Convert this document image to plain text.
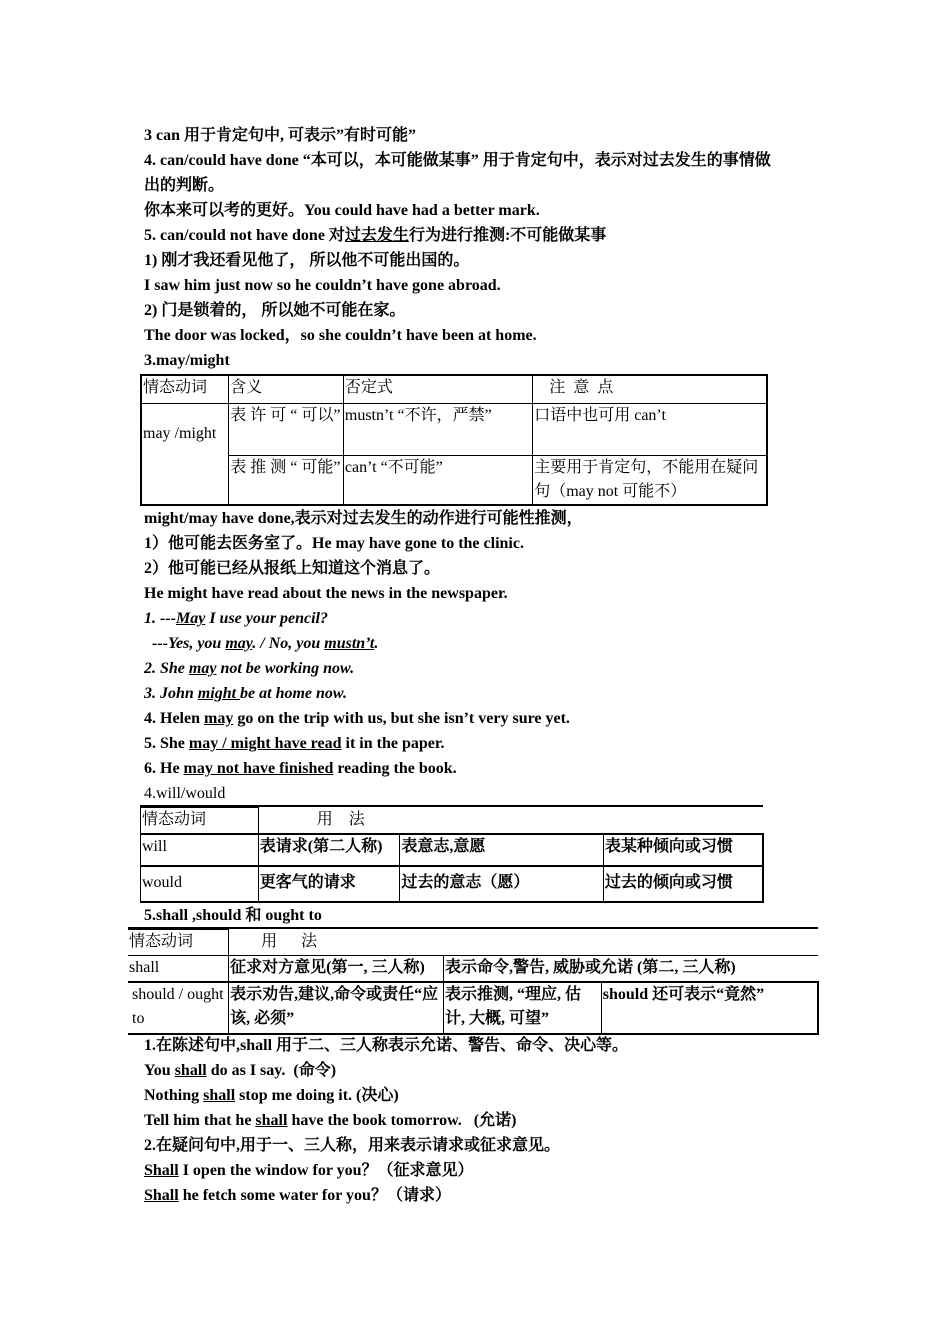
3 can 用于肯定句中, 可表示”有时可能”
4. can/could have done “本可以，本可能做某事” 用于肯定句中，表示对过去发生的事情做
出的判断。
你本来可以考的更好。You could have had a better mark.
5. can/could not have done 对过去发生行为进行推测:不可能做某事
1) 刚才我还看见他了， 所以他不可能出国的。
I saw him just now so he couldn’t have gone abroad.
2) 门是锁着的， 所以她不可能在家。
The door was locked，so she couldn’t have been at home.
3.may/might
情态动词	含义	否定式	注  意  点
may /might	表 许 可 “ 可以”	mustn’t “不许，严禁”	口语中也可用 can’t
	表 推 测 “ 可能”	can’t “不可能”	主要用于肯定句，不能用在疑问句（may not 可能不）
might/may have done,表示对过去发生的动作进行可能性推测，
1）他可能去医务室了。He may have gone to the clinic.
2）他可能已经从报纸上知道这个消息了。
He might have read about the news in the newspaper.
1. ---May I use your pencil?
---Yes, you may. / No, you mustn’t.
2. She may not be working now.
3. John might be at home now.
4. Helen may go on the trip with us, but she isn’t very sure yet.
5. She may / might have read it in the paper.
6. He may not have finished reading the book.
4.will/would
情态动词	用    法		
will	表请求(第二人称)	表意志,意愿	表某种倾向或习惯
would	更客气的请求	过去的意志（愿）	过去的倾向或习惯
5.shall ,should 和 ought to
情态动词	用      法		
shall	征求对方意见(第一, 三人称)	表示命令,警告, 威胁或允诺 (第二, 三人称)	
should / ought to	表示劝告,建议,命令或责任“应该, 必须”	表示推测, “理应, 估计, 大概, 可望”	should 还可表示“竟然”
1.在陈述句中,shall 用于二、三人称表示允诺、警告、命令、决心等。
You shall do as I say.  (命令)
Nothing shall stop me doing it. (决心)
Tell him that he shall have the book tomorrow.   (允诺)
2.在疑问句中,用于一、三人称，用来表示请求或征求意见。
Shall I open the window for you？（征求意见）
Shall he fetch some water for you？（请求）
